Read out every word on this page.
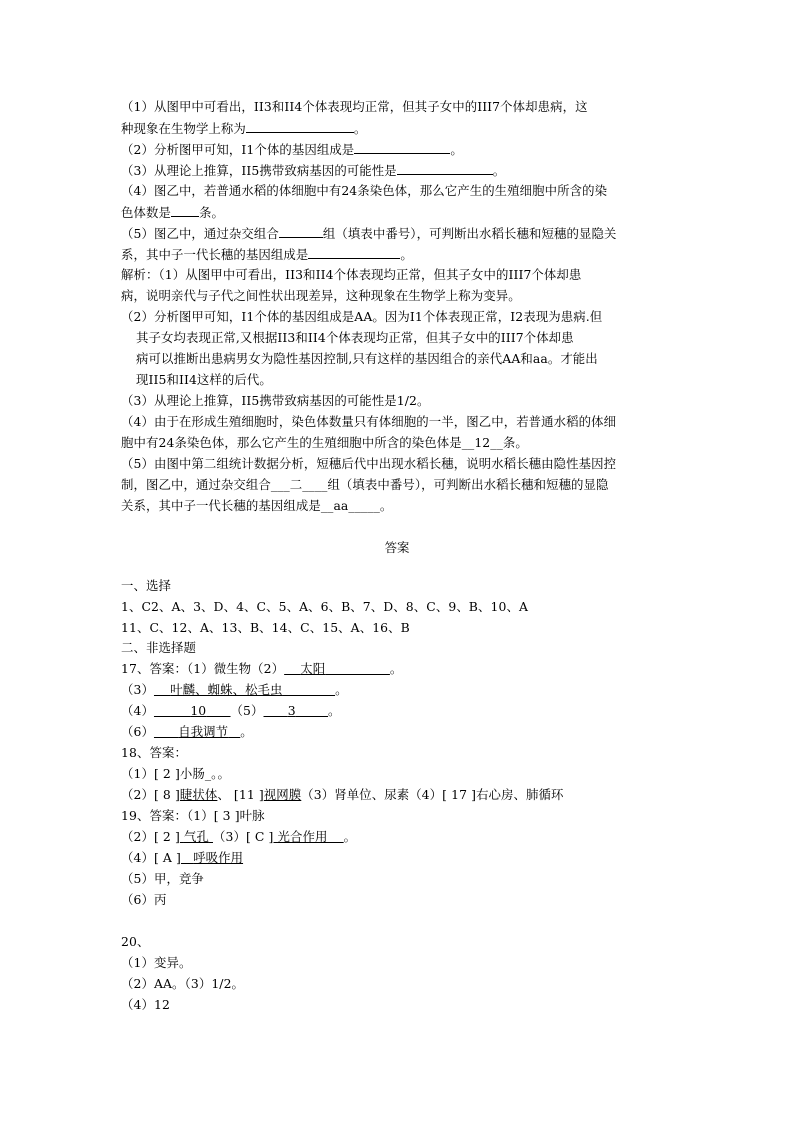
（1）从图甲中可看出，II3和II4个体表现均正常，但其子女中的III7个体却患病，这
种现象在生物学上称为	。
（2）分析图甲可知，I1个体的基因组成是	。
（3）从理论上推算，II5携带致病基因的可能性是	。
（4）图乙中，若普通水稻的体细胞中有24条染色体，那么它产生的生殖细胞中所含的染
色体数是 条。
（5）图乙中，通过杂交组合	组（填表中番号），可判断出水稻长穗和短穗的显隐关
系，其中子一代长穗的基因组成是	。
解析：（1）从图甲中可看出，II3和II4个体表现均正常，但其子女中的III7个体却患
病，说明亲代与子代之间性状出现差异，这种现象在生物学上称为变异。
（2）分析图甲可知，I1个体的基因组成是AA。因为Ⅰ1个体表现正常，Ⅰ2表现为患病.但
其子女均表现正常,又根据II3和II4个体表现均正常，但其子女中的III7个体却患
病可以推断出患病男女为隐性基因控制,只有这样的基因组合的亲代AA和aa。才能出
现II5和II4这样的后代。
（3）从理论上推算，II5携带致病基因的可能性是1/2。
（4）由于在形成生殖细胞时，染色体数量只有体细胞的一半，图乙中，若普通水稻的体细
胞中有24条染色体，那么它产生的生殖细胞中所含的染色体是__12__条。
（5）由图中第二组统计数据分析，短穗后代中出现水稻长穗，说明水稻长穗由隐性基因控
制，图乙中，通过杂交组合___二____组（填表中番号），可判断出水稻长穗和短穗的显隐
关系，其中子一代长穗的基因组成是__aa_____。
答案
一、选择
1、C2、A、3、D、4、C、5、A、6、B、7、D、8、C、9、B、10、A
11、C、12、A、13、B、14、C、15、A、16、B
二、非选择题
17、答案：（1）微生物（2） 太阳	。
（3） 叶麟、蜘蛛、松毛虫	。
（4）	10 （5） 3	。
（6） 自我调节 。
18、答案：
（1）[ 2 ]小肠_。。
（2）[ 8 ]睫状体、 [11 ]视网膜（3）肾单位、尿素（4）[ 17 ]右心房、肺循环
19、答案：（1）[ 3 ]叶脉
（2）[ 2 ] 气孔 （3）[ C ] 光合作用 。
（4）[ A ] 呼吸作用
（5）甲，竞争
（6）丙
20、
（1）变异。
（2）AA。（3）1/2。
（4）12
